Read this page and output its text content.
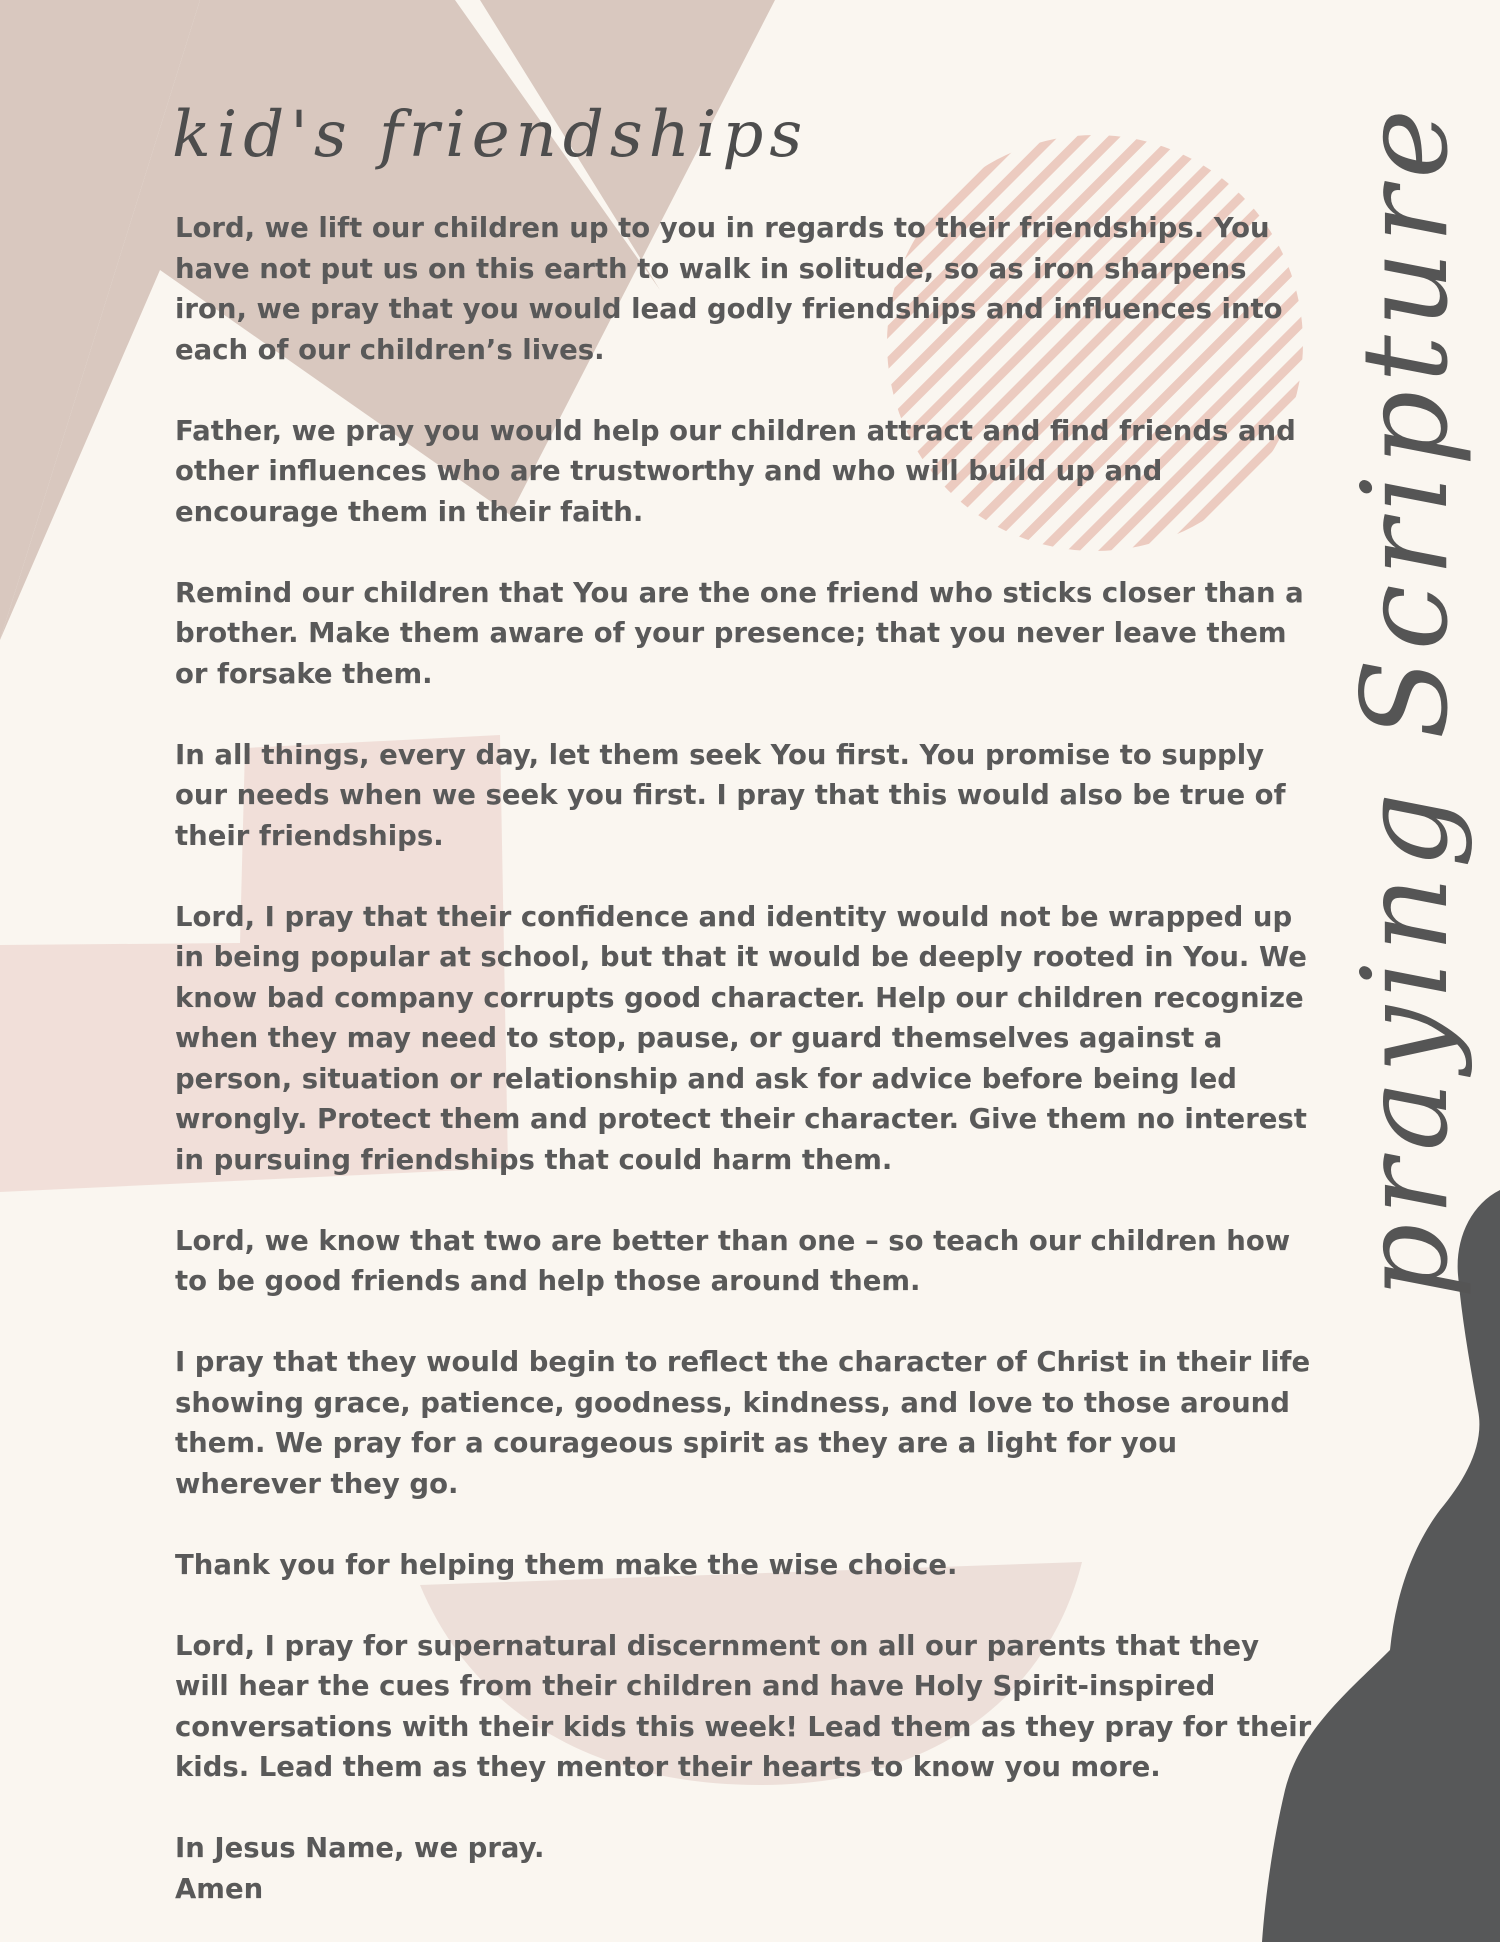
kid's friendships	praying Scripture

Lord, we lift our children up to you in regards to their friendships. You have not put us on this earth to walk in solitude, so as iron sharpens iron, we pray that you would lead godly friendships and influences into each of our children’s lives.

Father, we pray you would help our children attract and find friends and other influences who are trustworthy and who will build up and encourage them in their faith.

Remind our children that You are the one friend who sticks closer than a brother. Make them aware of your presence; that you never leave them or forsake them.

In all things, every day, let them seek You first. You promise to supply our needs when we seek you first. I pray that this would also be true of their friendships.

Lord, I pray that their confidence and identity would not be wrapped up in being popular at school, but that it would be deeply rooted in You. We know bad company corrupts good character. Help our children recognize when they may need to stop, pause, or guard themselves against a person, situation or relationship and ask for advice before being led wrongly. Protect them and protect their character. Give them no interest in pursuing friendships that could harm them.

Lord, we know that two are better than one – so teach our children how to be good friends and help those around them.

I pray that they would begin to reflect the character of Christ in their life showing grace, patience, goodness, kindness, and love to those around them. We pray for a courageous spirit as they are a light for you wherever they go.

Thank you for helping them make the wise choice.

Lord, I pray for supernatural discernment on all our parents that they will hear the cues from their children and have Holy Spirit-inspired conversations with their kids this week! Lead them as they pray for their kids. Lead them as they mentor their hearts to know you more.

In Jesus Name, we pray.

Amen
